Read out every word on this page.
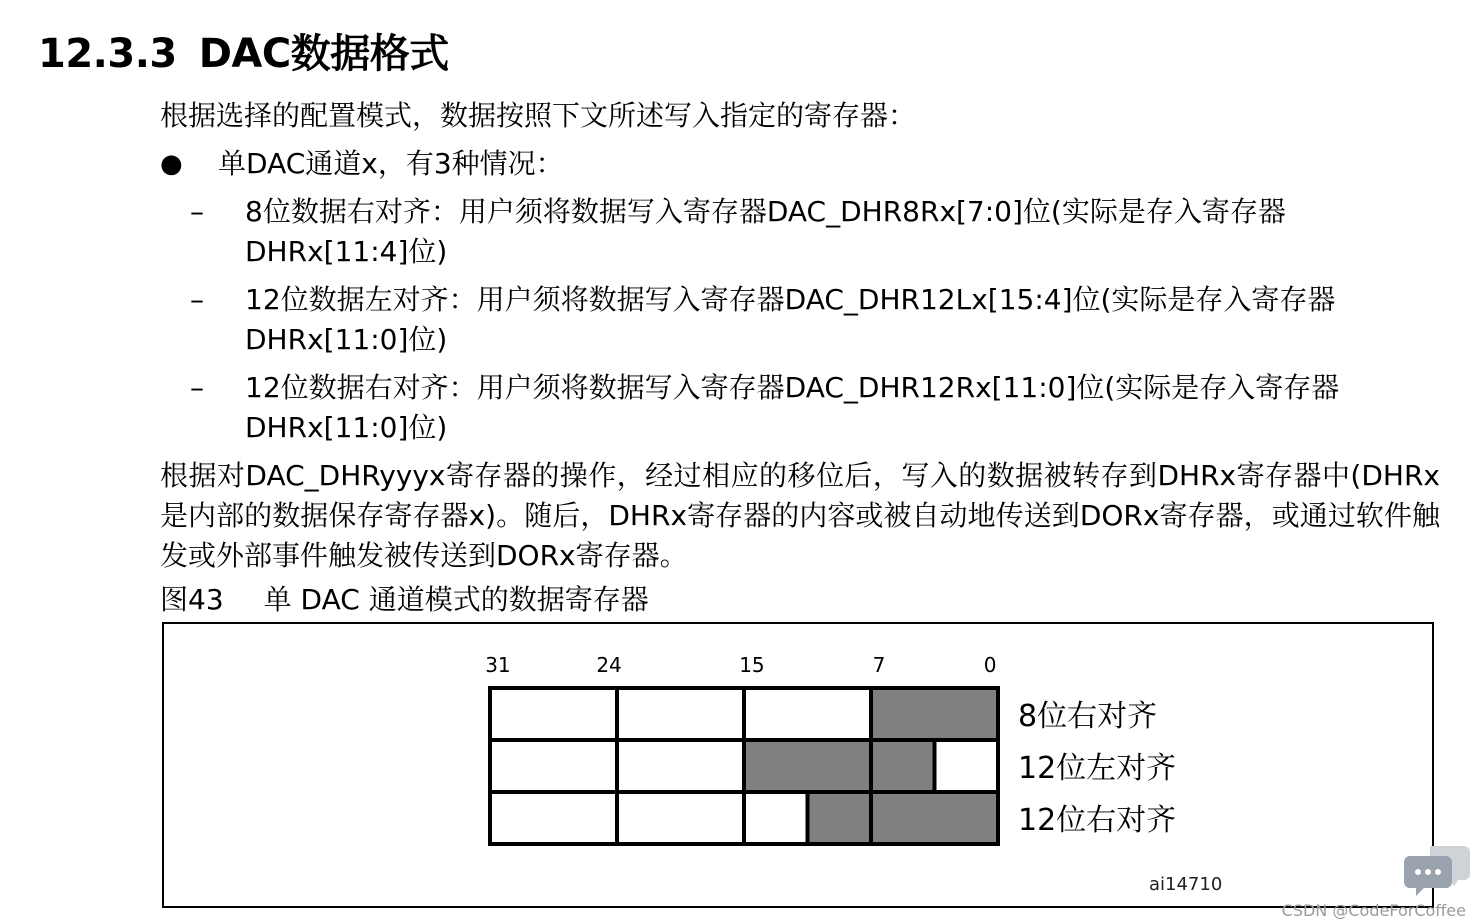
12.3.3 DAC数据格式
根据选择的配置模式，数据按照下文所述写入指定的寄存器：
● 单DAC通道x，有3种情况：
– 8位数据右对齐：用户须将数据写入寄存器DAC_DHR8Rx[7:0]位(实际是存入寄存器DHRx[11:4]位)
– 12位数据左对齐：用户须将数据写入寄存器DAC_DHR12Lx[15:4]位(实际是存入寄存器DHRx[11:0]位)
– 12位数据右对齐：用户须将数据写入寄存器DAC_DHR12Rx[11:0]位(实际是存入寄存器DHRx[11:0]位)
根据对DAC_DHRyyyx寄存器的操作，经过相应的移位后，写入的数据被转存到DHRx寄存器中(DHRx是内部的数据保存寄存器x)。随后，DHRx寄存器的内容或被自动地传送到DORx寄存器，或通过软件触发或外部事件触发被传送到DORx寄存器。
图43 单 DAC 通道模式的数据寄存器
31	24	15	7	0
8位右对齐
12位左对齐
12位右对齐
ai14710
CSDN @CodeForCoffee
